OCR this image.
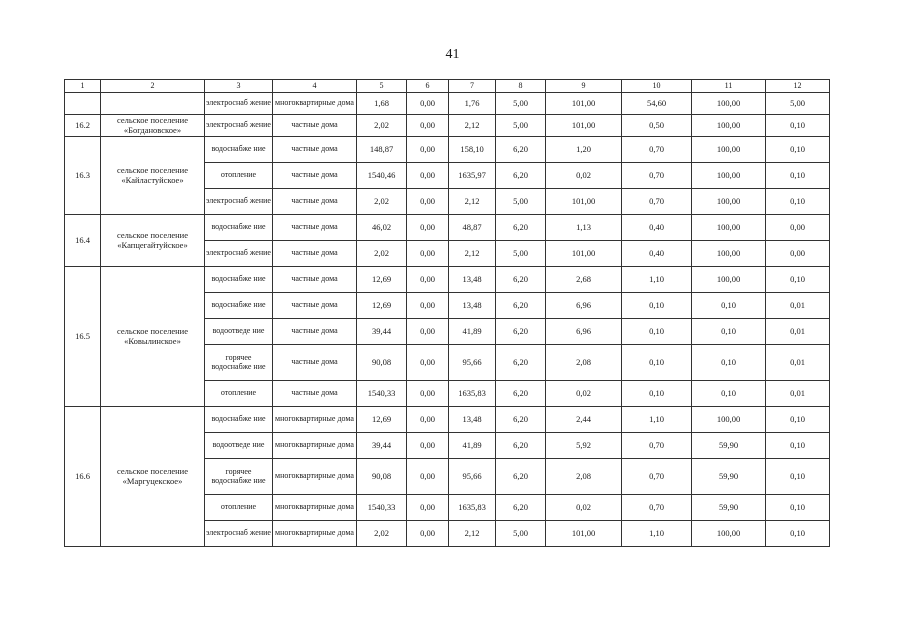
41
1	2	3	4	5	6	7	8	9	10	11	12
		электроснаб жение	многоквартирные дома	1,68	0,00	1,76	5,00	101,00	54,60	100,00	5,00
16.2	сельское поселение «Богдановское»	электроснаб жение	частные дома	2,02	0,00	2,12	5,00	101,00	0,50	100,00	0,10
16.3	сельское поселение «Кайластуйское»	водоснабже ние	частные дома	148,87	0,00	158,10	6,20	1,20	0,70	100,00	0,10
		отопление	частные дома	1540,46	0,00	1635,97	6,20	0,02	0,70	100,00	0,10
		электроснаб жение	частные дома	2,02	0,00	2,12	5,00	101,00	0,70	100,00	0,10
16.4	сельское поселение «Капцегайтуйское»	водоснабже ние	частные дома	46,02	0,00	48,87	6,20	1,13	0,40	100,00	0,00
		электроснаб жение	частные дома	2,02	0,00	2,12	5,00	101,00	0,40	100,00	0,00
16.5	сельское поселение «Ковылинское»	водоснабже ние	частные дома	12,69	0,00	13,48	6,20	2,68	1,10	100,00	0,10
		водоснабже ние	частные дома	12,69	0,00	13,48	6,20	6,96	0,10	0,10	0,01
		водоотведе ние	частные дома	39,44	0,00	41,89	6,20	6,96	0,10	0,10	0,01
		горячее водоснабже ние	частные дома	90,08	0,00	95,66	6,20	2,08	0,10	0,10	0,01
		отопление	частные дома	1540,33	0,00	1635,83	6,20	0,02	0,10	0,10	0,01
16.6	сельское поселение «Маргуцекское»	водоснабже ние	многоквартирные дома	12,69	0,00	13,48	6,20	2,44	1,10	100,00	0,10
		водоотведе ние	многоквартирные дома	39,44	0,00	41,89	6,20	5,92	0,70	59,90	0,10
		горячее водоснабже ние	многоквартирные дома	90,08	0,00	95,66	6,20	2,08	0,70	59,90	0,10
		отопление	многоквартирные дома	1540,33	0,00	1635,83	6,20	0,02	0,70	59,90	0,10
		электроснаб жение	многоквартирные дома	2,02	0,00	2,12	5,00	101,00	1,10	100,00	0,10
